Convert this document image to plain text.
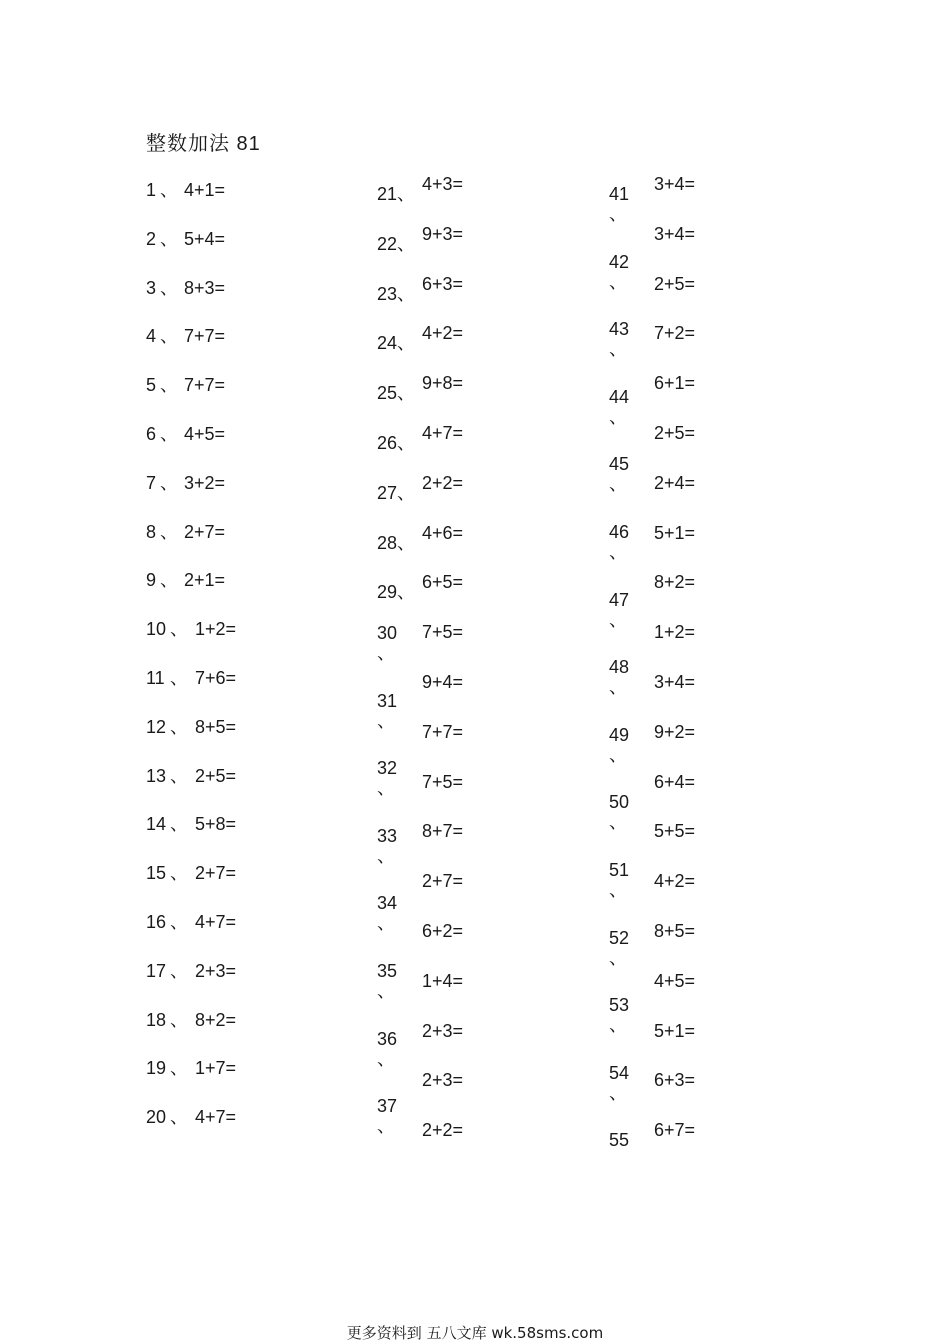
整数加法 81
1 、 4+1=
2 、 5+4=
3 、 8+3=
4 、 7+7=
5 、 7+7=
6 、 4+5=
7 、 3+2=
8 、 2+7=
9 、 2+1=
10 、 1+2=
11 、 7+6=
12 、 8+5=
13 、 2+5=
14 、 5+8=
15 、 2+7=
16 、 4+7=
17 、 2+3=
18 、 8+2=
19 、 1+7=
20 、 4+7=
4+3=
9+3=
6+3=
4+2=
9+8=
4+7=
2+2=
4+6=
6+5=
7+5=
9+4=
7+7=
7+5=
8+7=
2+7=
6+2=
1+4=
2+3=
2+3=
2+2=
21 、
22 、
23 、
24 、
25 、
26 、
27 、
28 、
29 、
30
、
31
、
32
、
33
、
34
、
35
、
36
、
37
、
3+4=
3+4=
2+5=
7+2=
6+1=
2+5=
2+4=
5+1=
8+2=
1+2=
3+4=
9+2=
6+4=
5+5=
4+2=
8+5=
4+5=
5+1=
6+3=
6+7=
41
、
42
、
43
、
44
、
45
、
46
、
47
、
48
、
49
、
50
、
51
、
52
、
53
、
54
、
55
更多资料到 五八文库 wk.58sms.com
